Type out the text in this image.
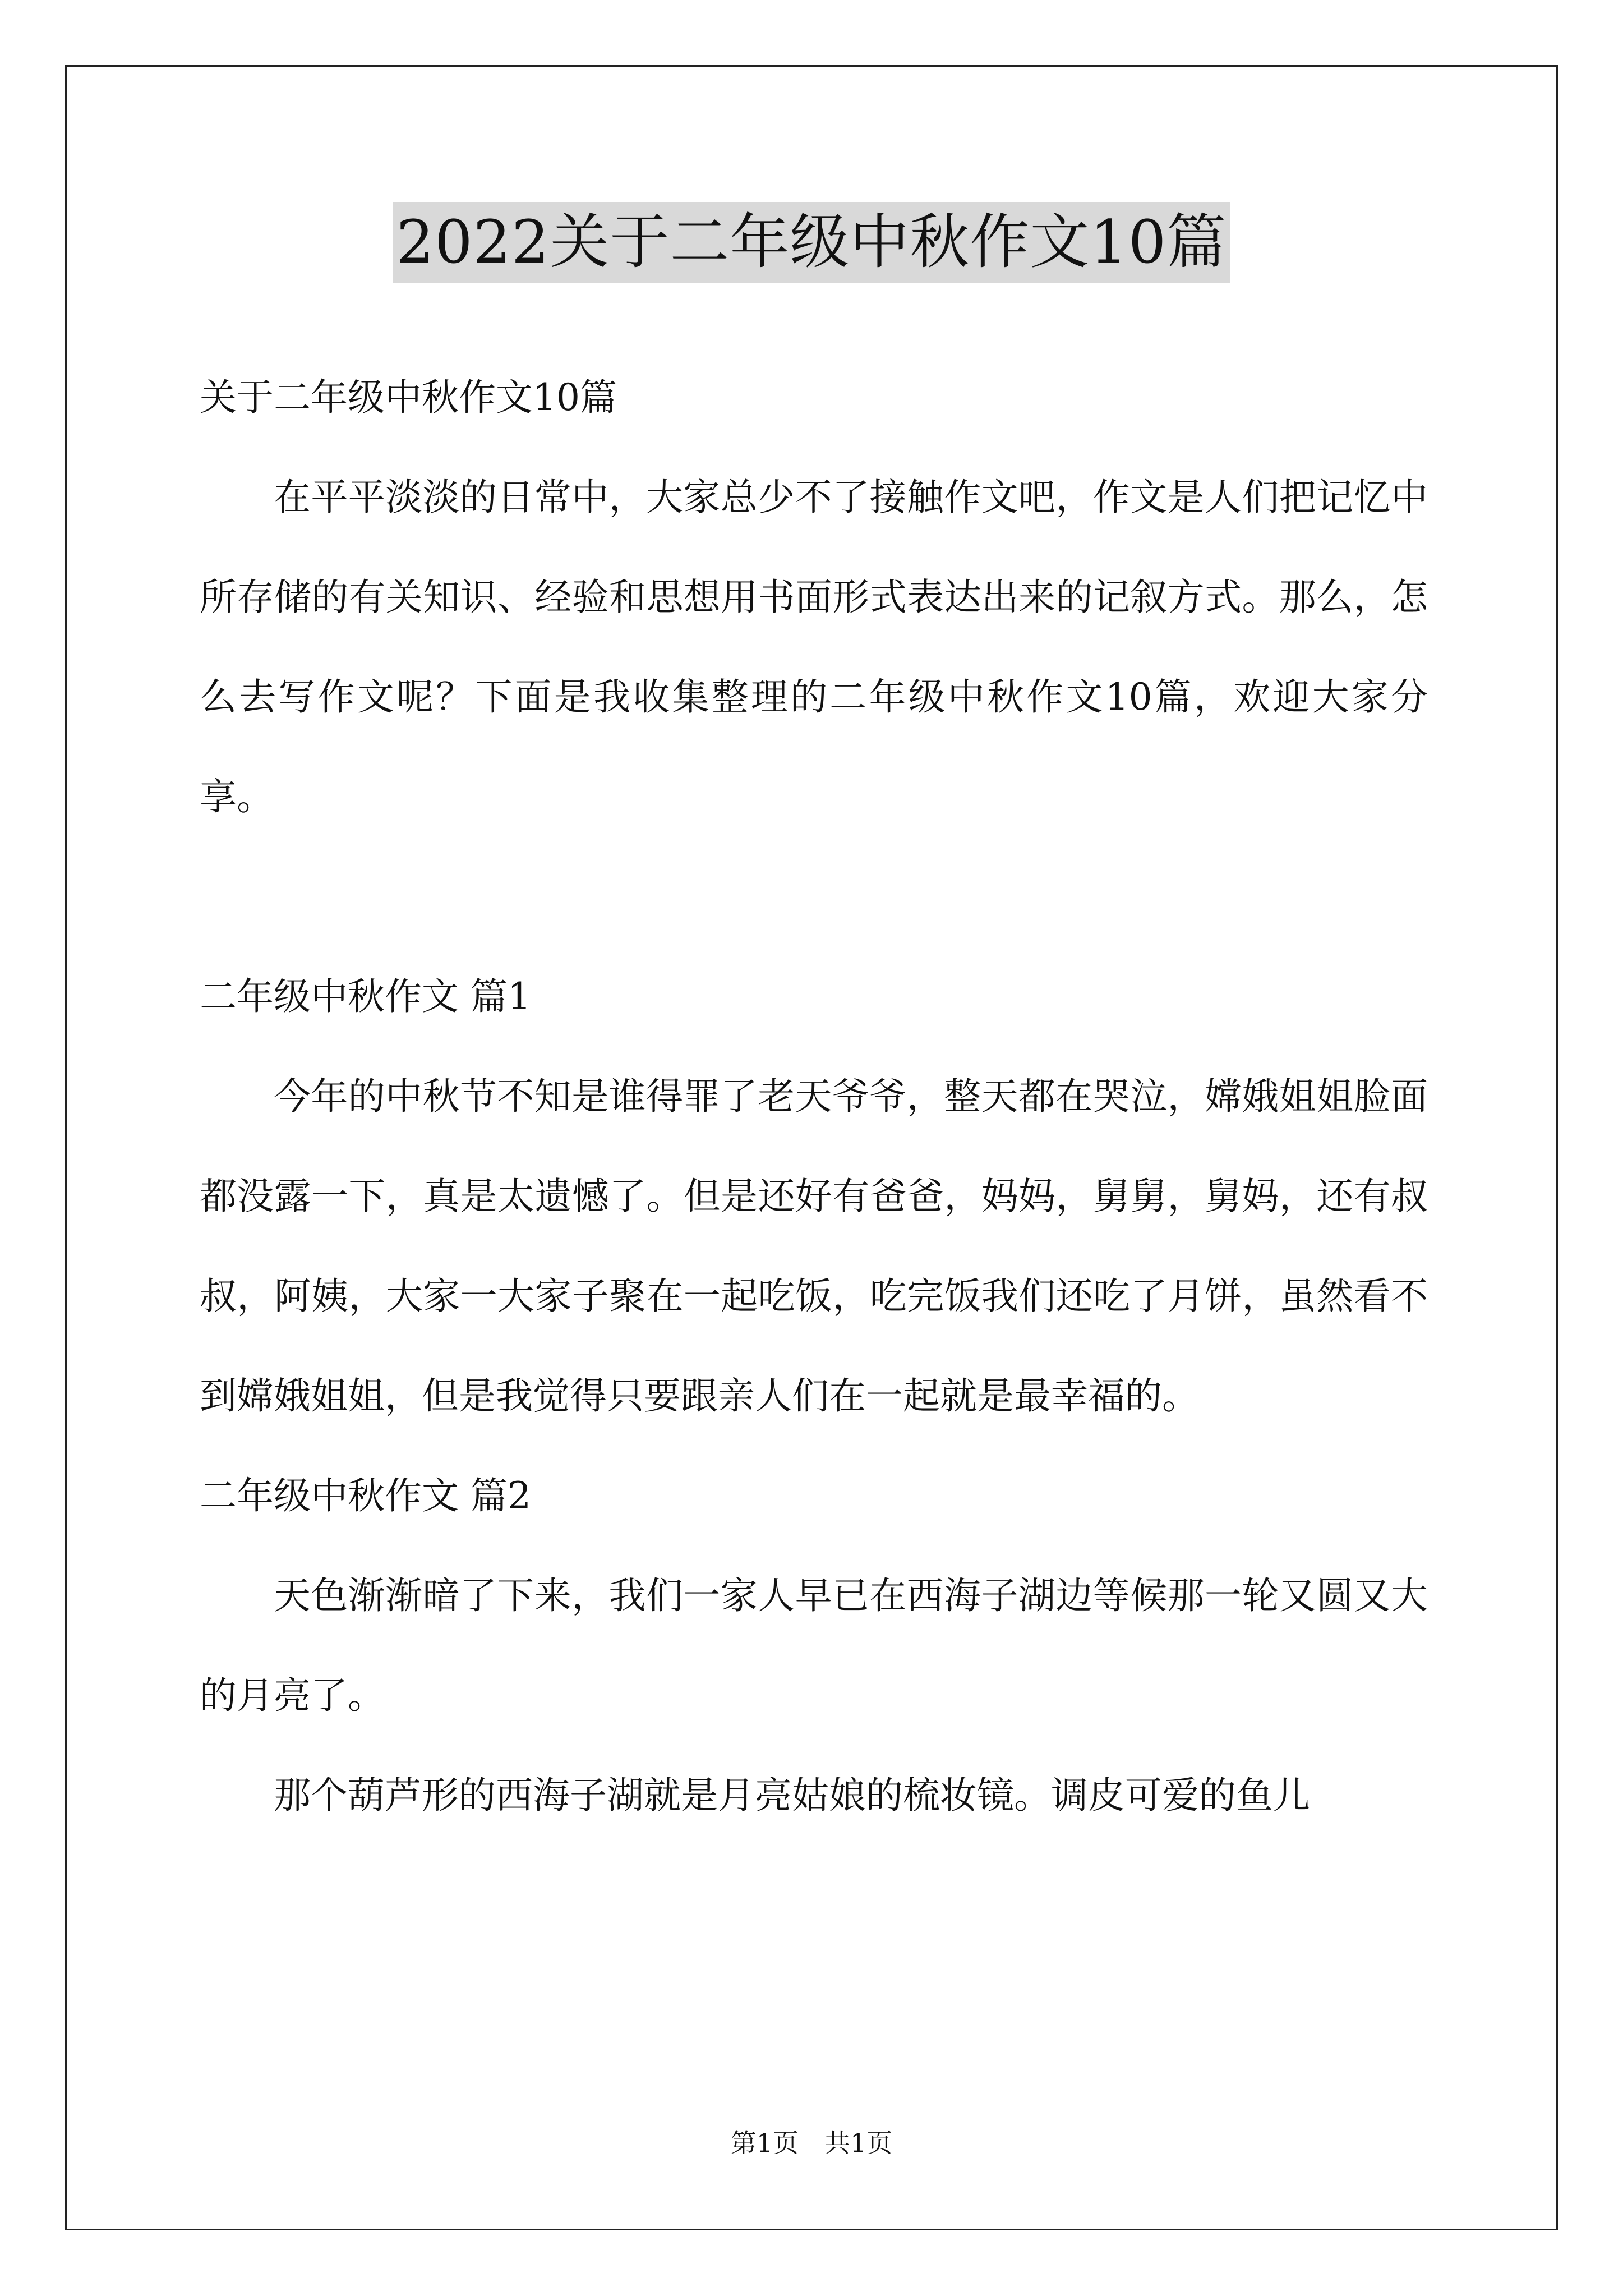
2022关于二年级中秋作文10篇

关于二年级中秋作文10篇

在平平淡淡的日常中，大家总少不了接触作文吧，作文是人们把记忆中所存储的有关知识、经验和思想用书面形式表达出来的记叙方式。那么，怎么去写作文呢？下面是我收集整理的二年级中秋作文10篇，欢迎大家分享。

二年级中秋作文 篇1

今年的中秋节不知是谁得罪了老天爷爷，整天都在哭泣，嫦娥姐姐脸面都没露一下，真是太遗憾了。但是还好有爸爸，妈妈，舅舅，舅妈，还有叔叔，阿姨，大家一大家子聚在一起吃饭，吃完饭我们还吃了月饼，虽然看不到嫦娥姐姐，但是我觉得只要跟亲人们在一起就是最幸福的。

二年级中秋作文 篇2

天色渐渐暗了下来，我们一家人早已在西海子湖边等候那一轮又圆又大的月亮了。

那个葫芦形的西海子湖就是月亮姑娘的梳妆镜。调皮可爱的鱼儿

第1页　共1页
